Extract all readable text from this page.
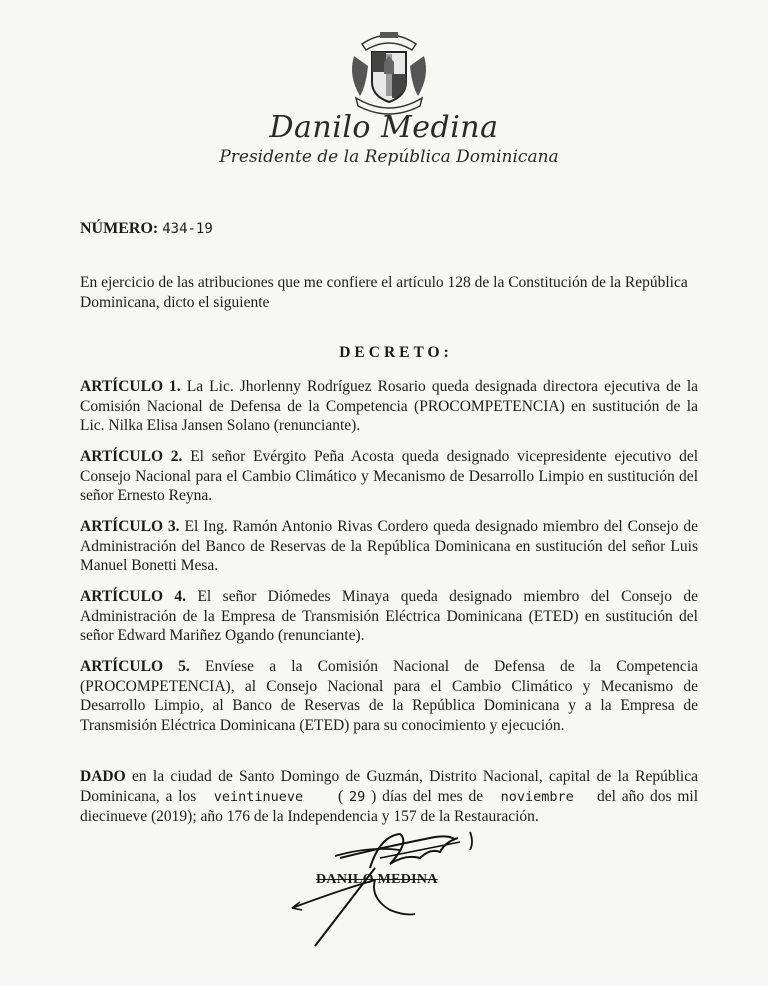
Danilo Medina
Presidente de la República Dominicana
NÚMERO: 434-19
En ejercicio de las atribuciones que me confiere el artículo 128 de la Constitución de la República
Dominicana, dicto el siguiente
DECRETO:
ARTÍCULO 1. La Lic. Jhorlenny Rodríguez Rosario queda designada directora ejecutiva de la Comisión Nacional de Defensa de la Competencia (PROCOMPETENCIA) en sustitución de la Lic. Nilka Elisa Jansen Solano (renunciante).
ARTÍCULO 2. El señor Evérgito Peña Acosta queda designado vicepresidente ejecutivo del Consejo Nacional para el Cambio Climático y Mecanismo de Desarrollo Limpio en sustitución del señor Ernesto Reyna.
ARTÍCULO 3. El Ing. Ramón Antonio Rivas Cordero queda designado miembro del Consejo de Administración del Banco de Reservas de la República Dominicana en sustitución del señor Luis Manuel Bonetti Mesa.
ARTÍCULO 4. El señor Diómedes Minaya queda designado miembro del Consejo de Administración de la Empresa de Transmisión Eléctrica Dominicana (ETED) en sustitución del señor Edward Mariñez Ogando (renunciante).
ARTÍCULO 5. Envíese a la Comisión Nacional de Defensa de la Competencia (PROCOMPETENCIA), al Consejo Nacional para el Cambio Climático y Mecanismo de Desarrollo Limpio, al Banco de Reservas de la República Dominicana y a la Empresa de Transmisión Eléctrica Dominicana (ETED) para su conocimiento y ejecución.
DADO en la ciudad de Santo Domingo de Guzmán, Distrito Nacional, capital de la República Dominicana, a los veintinueve      ( 29 ) días del mes de noviembre del año dos mil diecinueve (2019); año 176 de la Independencia y 157 de la Restauración.
DANILO MEDINA
